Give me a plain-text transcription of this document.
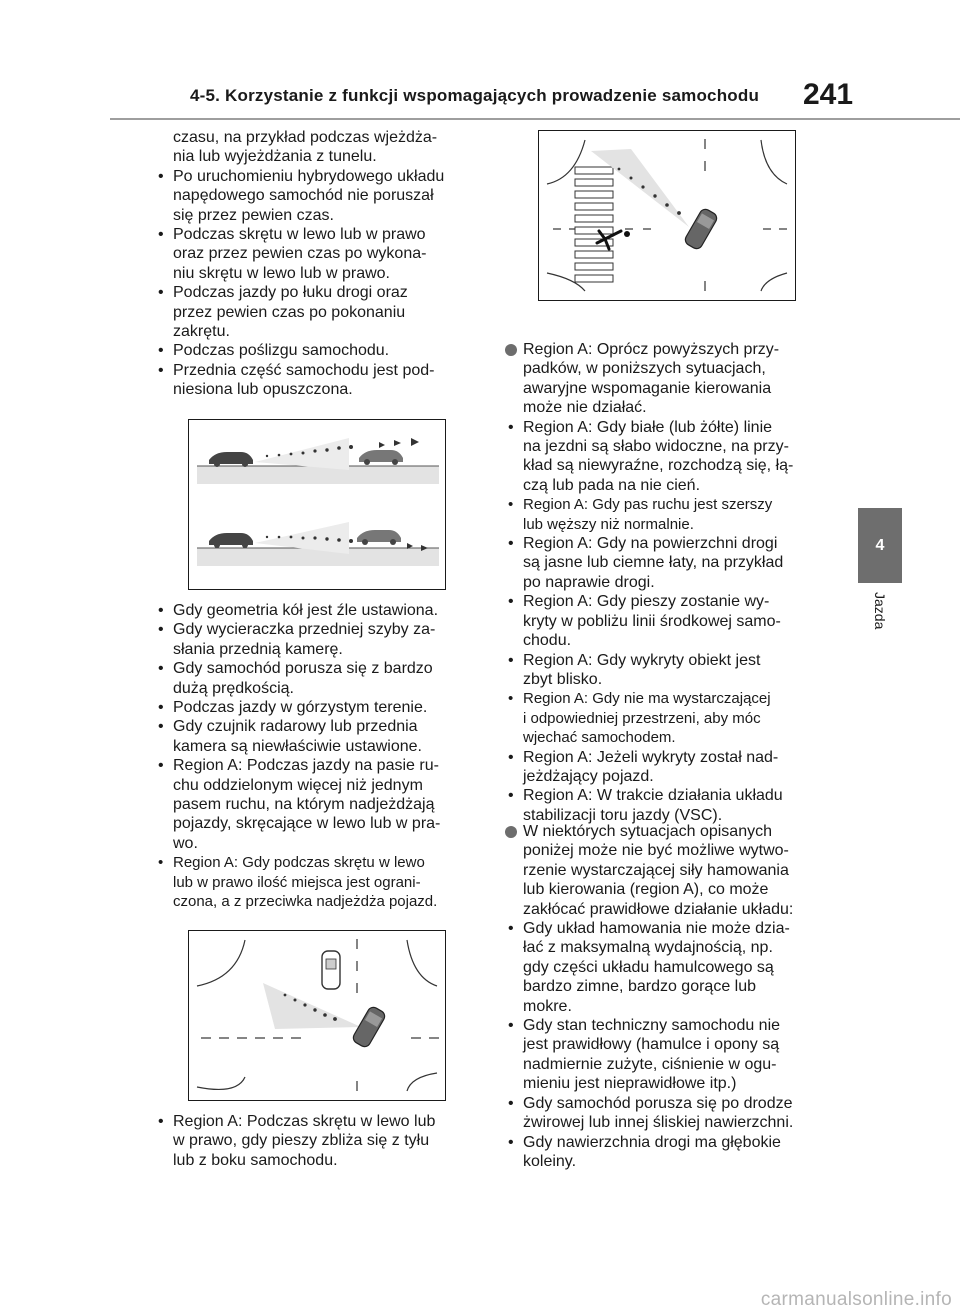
4-5. Korzystanie z funkcji wspomagających prowadzenie samochodu 241
4
Jazda
czasu, na przykład podczas wjeżdża-
nia lub wyjeżdżania z tunelu.
• Po uruchomieniu hybrydowego układu
napędowego samochód nie poruszał
się przez pewien czas.
• Podczas skrętu w lewo lub w prawo
oraz przez pewien czas po wykona-
niu skrętu w lewo lub w prawo.
• Podczas jazdy po łuku drogi oraz
przez pewien czas po pokonaniu
zakrętu.
• Podczas poślizgu samochodu.
• Przednia część samochodu jest pod-
niesiona lub opuszczona.
• Gdy geometria kół jest źle ustawiona.
• Gdy wycieraczka przedniej szyby za-
słania przednią kamerę.
• Gdy samochód porusza się z bardzo
dużą prędkością.
• Podczas jazdy w górzystym terenie.
• Gdy czujnik radarowy lub przednia
kamera są niewłaściwie ustawione.
• Region A: Podczas jazdy na pasie ru-
chu oddzielonym więcej niż jednym
pasem ruchu, na którym nadjeżdżają
pojazdy, skręcające w lewo lub w pra-
wo.
• Region A: Gdy podczas skrętu w lewo
lub w prawo ilość miejsca jest ograni-
czona, a z przeciwka nadjeżdża pojazd.
• Region A: Podczas skrętu w lewo lub
w prawo, gdy pieszy zbliża się z tyłu
lub z boku samochodu.
Region A: Oprócz powyższych przy-
padków, w poniższych sytuacjach,
awaryjne wspomaganie kierowania
może nie działać.
• Region A: Gdy białe (lub żółte) linie
na jezdni są słabo widoczne, na przy-
kład są niewyraźne, rozchodzą się, łą-
czą lub pada na nie cień.
• Region A: Gdy pas ruchu jest szerszy
lub węższy niż normalnie.
• Region A: Gdy na powierzchni drogi
są jasne lub ciemne łaty, na przykład
po naprawie drogi.
• Region A: Gdy pieszy zostanie wy-
kryty w pobliżu linii środkowej samo-
chodu.
• Region A: Gdy wykryty obiekt jest
zbyt blisko.
• Region A: Gdy nie ma wystarczającej
i odpowiedniej przestrzeni, aby móc
wjechać samochodem.
• Region A: Jeżeli wykryty został nad-
jeżdżający pojazd.
• Region A: W trakcie działania układu
stabilizacji toru jazdy (VSC).
W niektórych sytuacjach opisanych
poniżej może nie być możliwe wytwo-
rzenie wystarczającej siły hamowania
lub kierowania (region A), co może
zakłócać prawidłowe działanie układu:
• Gdy układ hamowania nie może dzia-
łać z maksymalną wydajnością, np.
gdy części układu hamulcowego są
bardzo zimne, bardzo gorące lub
mokre.
• Gdy stan techniczny samochodu nie
jest prawidłowy (hamulce i opony są
nadmiernie zużyte, ciśnienie w ogu-
mieniu jest nieprawidłowe itp.)
• Gdy samochód porusza się po drodze
żwirowej lub innej śliskiej nawierzchni.
• Gdy nawierzchnia drogi ma głębokie
koleiny.
carmanualsonline.info
